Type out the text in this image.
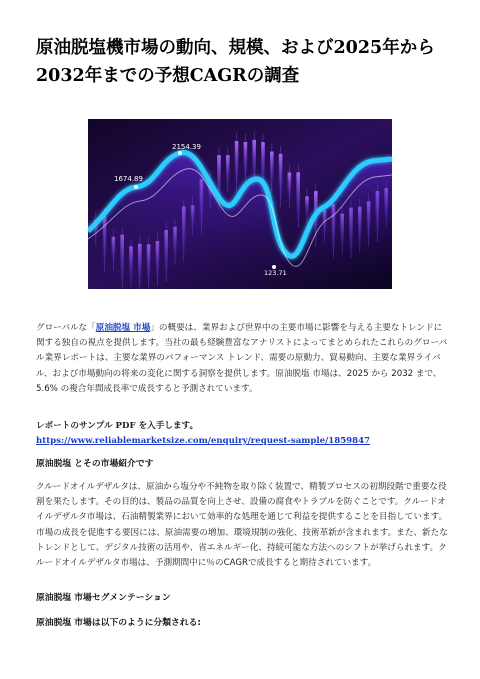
原油脱塩機市場の動向、規模、および2025年から2032年までの予想CAGRの調査
1674.89
2154.39
123.71

グローバルな「原油脱塩 市場」の概要は、業界および世界中の主要市場に影響を与える主要なトレンドに関する独自の視点を提供します。当社の最も経験豊富なアナリストによってまとめられたこれらのグローバル業界レポートは、主要な業界のパフォーマンス トレンド、需要の原動力、貿易動向、主要な業界ライバル、および市場動向の将来の変化に関する洞察を提供します。原油脱塩 市場は、2025 から 2032 まで、5.6% の複合年間成長率で成長すると予測されています。

レポートのサンプル PDF を入手します。 https://www.reliablemarketsize.com/enquiry/request-sample/1859847

原油脱塩 とその市場紹介です

クルードオイルデザルタは、原油から塩分や不純物を取り除く装置で、精製プロセスの初期段階で重要な役割を果たします。その目的は、製品の品質を向上させ、設備の腐食やトラブルを防ぐことです。クルードオイルデザルタ市場は、石油精製業界において効率的な処理を通じて利益を提供することを目指しています。市場の成長を促進する要因には、原油需要の増加、環境規制の強化、技術革新が含まれます。また、新たなトレンドとして、デジタル技術の活用や、省エネルギー化、持続可能な方法へのシフトが挙げられます。クルードオイルデザルタ市場は、予測期間中に％のCAGRで成長すると期待されています。

原油脱塩 市場セグメンテーション
原油脱塩 市場は以下のように分類される:
